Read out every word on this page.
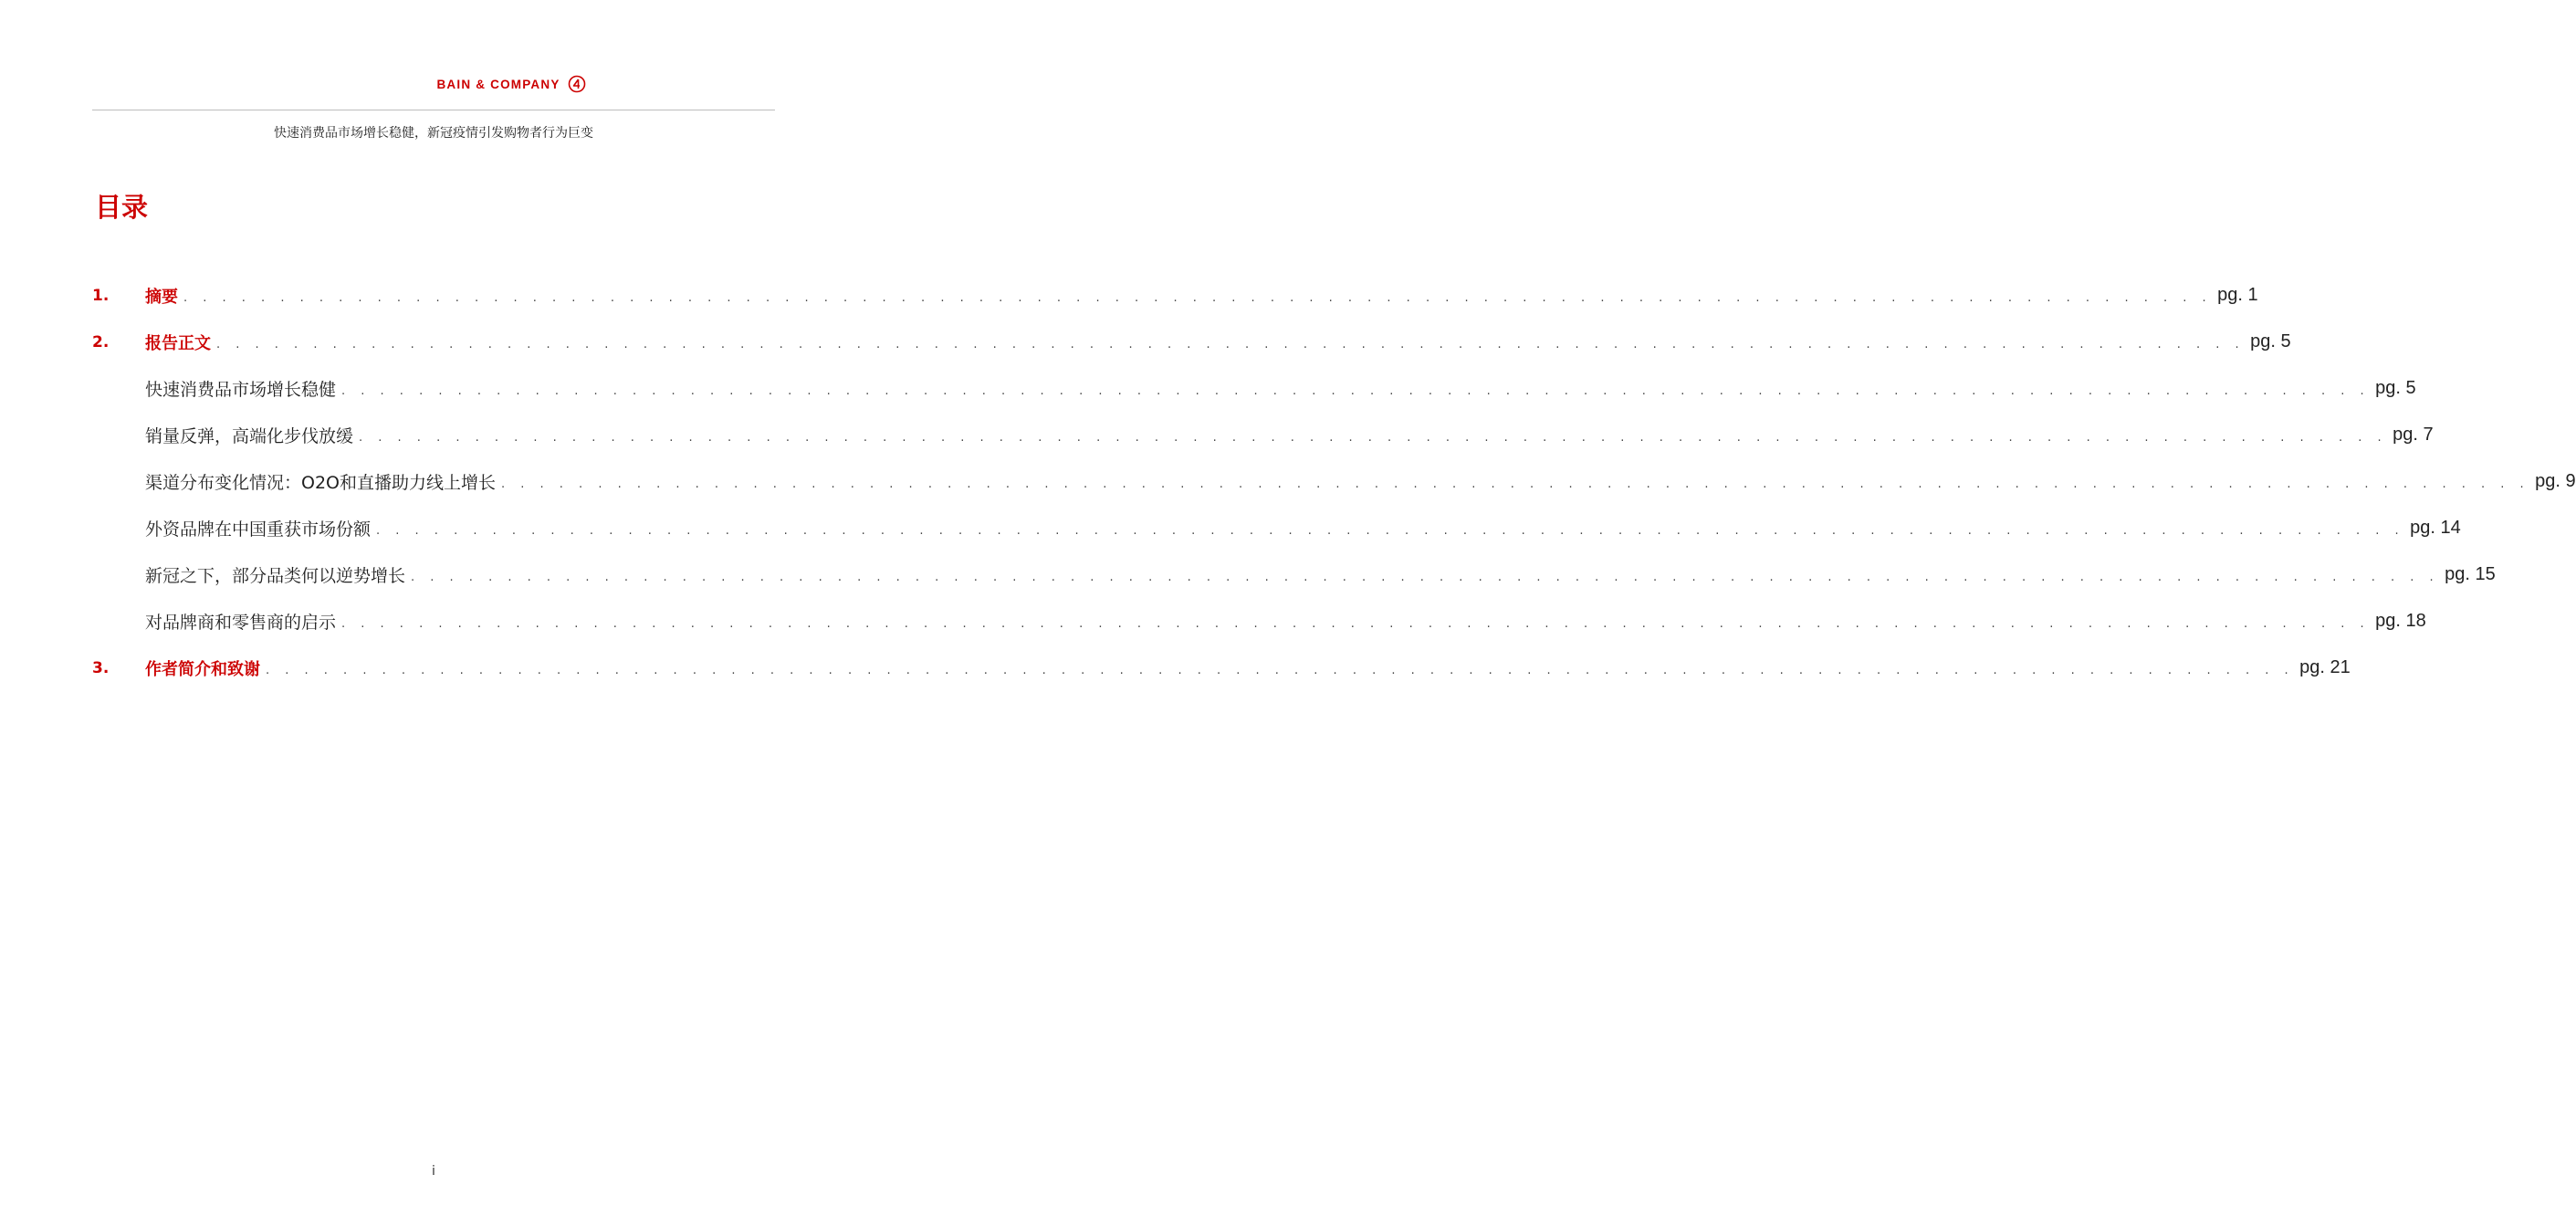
BAIN & COMPANY
快速消费品市场增长稳健，新冠疫情引发购物者行为巨变
目录
1.	摘要 . . . . . . . . . . . . . . . . . . . . . . . . . . . . . . . . . . . . . . . . . . . . . . . . . . . . . . . . . . . . . . . . . . . . . . . . . . . . . . . . . . . . . . . . . . . . . . . . . . . . . . . . . pg. 1
2.	报告正文 . . . . . . . . . . . . . . . . . . . . . . . . . . . . . . . . . . . . . . . . . . . . . . . . . . . . . . . . . . . . . . . . . . . . . . . . . . . . . . . . . . . . . . . . . . . . . . . . . . . . . . . . . pg. 5
快速消费品市场增长稳健 . . . . . . . . . . . . . . . . . . . . . . . . . . . . . . . . . . . . . . . . . . . . . . . . . . . . . . . . . . . . . . . . . . . . . . . . . . . . . . . . . . . . . . . . . . . . . . . . . . . . . . . . . pg. 5
销量反弹，高端化步伐放缓 . . . . . . . . . . . . . . . . . . . . . . . . . . . . . . . . . . . . . . . . . . . . . . . . . . . . . . . . . . . . . . . . . . . . . . . . . . . . . . . . . . . . . . . . . . . . . . . . . . . . . . . . . pg. 7
渠道分布变化情况：O2O和直播助力线上增长 . . . . . . . . . . . . . . . . . . . . . . . . . . . . . . . . . . . . . . . . . . . . . . . . . . . . . . . . . . . . . . . . . . . . . . . . . . . . . . . . . . . . . . . . . . . . . . . . . . . . . . . . . pg. 9
外资品牌在中国重获市场份额 . . . . . . . . . . . . . . . . . . . . . . . . . . . . . . . . . . . . . . . . . . . . . . . . . . . . . . . . . . . . . . . . . . . . . . . . . . . . . . . . . . . . . . . . . . . . . . . . . . . . . . . . . pg. 14
新冠之下，部分品类何以逆势增长 . . . . . . . . . . . . . . . . . . . . . . . . . . . . . . . . . . . . . . . . . . . . . . . . . . . . . . . . . . . . . . . . . . . . . . . . . . . . . . . . . . . . . . . . . . . . . . . . . . . . . . . . . pg. 15
对品牌商和零售商的启示 . . . . . . . . . . . . . . . . . . . . . . . . . . . . . . . . . . . . . . . . . . . . . . . . . . . . . . . . . . . . . . . . . . . . . . . . . . . . . . . . . . . . . . . . . . . . . . . . . . . . . . . . . pg. 18
3.	作者简介和致谢 . . . . . . . . . . . . . . . . . . . . . . . . . . . . . . . . . . . . . . . . . . . . . . . . . . . . . . . . . . . . . . . . . . . . . . . . . . . . . . . . . . . . . . . . . . . . . . . . . . . . . . . . . pg. 21
i
